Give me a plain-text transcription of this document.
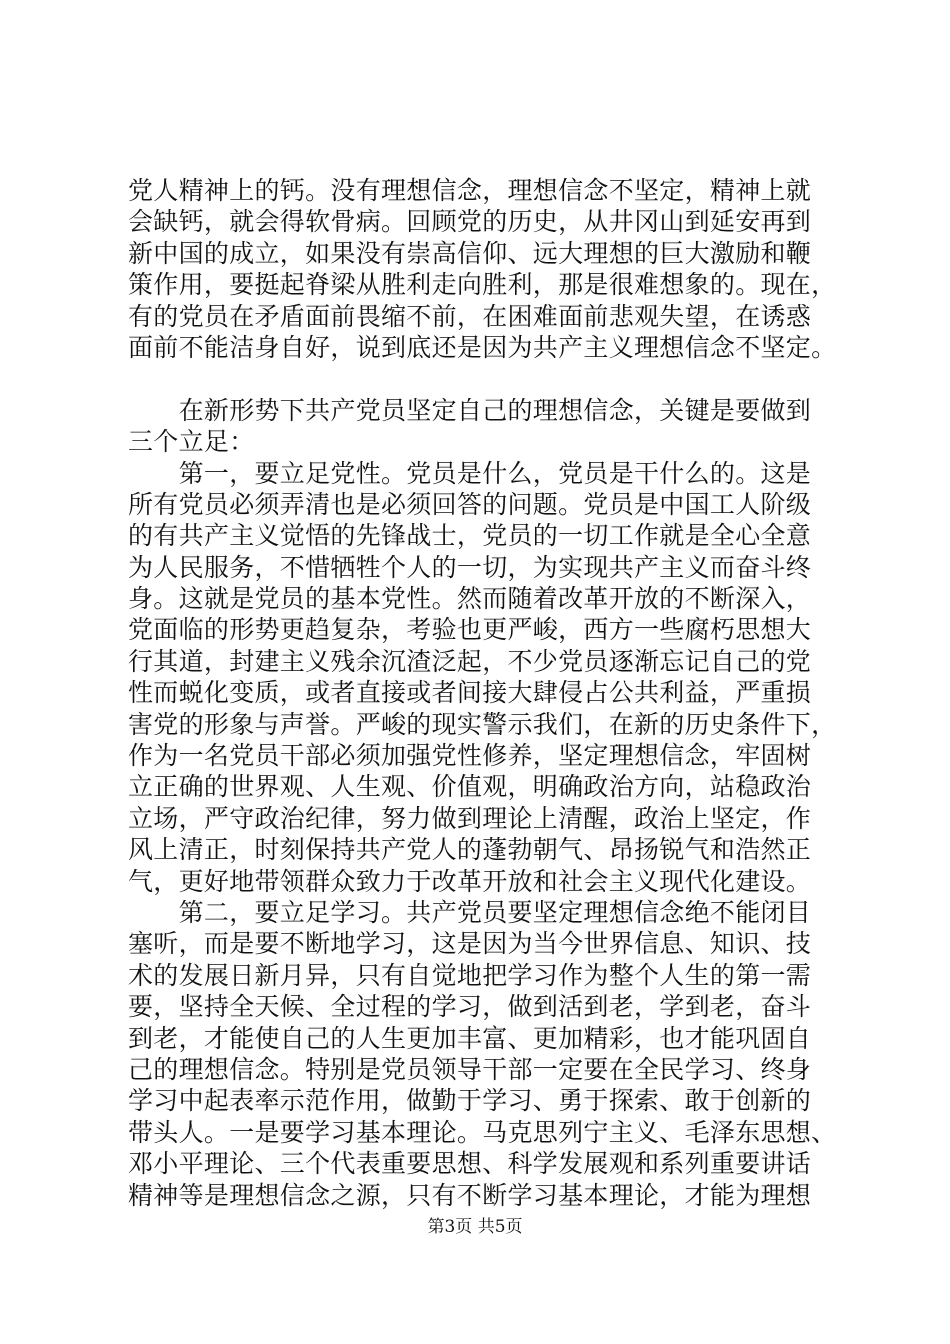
党人精神上的钙。没有理想信念，理想信念不坚定，精神上就
会缺钙，就会得软骨病。回顾党的历史，从井冈山到延安再到
新中国的成立，如果没有崇高信仰、远大理想的巨大激励和鞭
策作用，要挺起脊梁从胜利走向胜利，那是很难想象的。现在，
有的党员在矛盾面前畏缩不前，在困难面前悲观失望，在诱惑
面前不能洁身自好，说到底还是因为共产主义理想信念不坚定。
　　在新形势下共产党员坚定自己的理想信念，关键是要做到
三个立足：
　　第一，要立足党性。党员是什么，党员是干什么的。这是
所有党员必须弄清也是必须回答的问题。党员是中国工人阶级
的有共产主义觉悟的先锋战士，党员的一切工作就是全心全意
为人民服务，不惜牺牲个人的一切，为实现共产主义而奋斗终
身。这就是党员的基本党性。然而随着改革开放的不断深入，
党面临的形势更趋复杂，考验也更严峻，西方一些腐朽思想大
行其道，封建主义残余沉渣泛起，不少党员逐渐忘记自己的党
性而蜕化变质，或者直接或者间接大肆侵占公共利益，严重损
害党的形象与声誉。严峻的现实警示我们，在新的历史条件下，
作为一名党员干部必须加强党性修养，坚定理想信念，牢固树
立正确的世界观、人生观、价值观，明确政治方向，站稳政治
立场，严守政治纪律，努力做到理论上清醒，政治上坚定，作
风上清正，时刻保持共产党人的蓬勃朝气、昂扬锐气和浩然正
气，更好地带领群众致力于改革开放和社会主义现代化建设。
　　第二，要立足学习。共产党员要坚定理想信念绝不能闭目
塞听，而是要不断地学习，这是因为当今世界信息、知识、技
术的发展日新月异，只有自觉地把学习作为整个人生的第一需
要，坚持全天候、全过程的学习，做到活到老，学到老，奋斗
到老，才能使自己的人生更加丰富、更加精彩，也才能巩固自
己的理想信念。特别是党员领导干部一定要在全民学习、终身
学习中起表率示范作用，做勤于学习、勇于探索、敢于创新的
带头人。一是要学习基本理论。马克思列宁主义、毛泽东思想、
邓小平理论、三个代表重要思想、科学发展观和系列重要讲话
精神等是理想信念之源，只有不断学习基本理论，才能为理想
第3页 共5页
